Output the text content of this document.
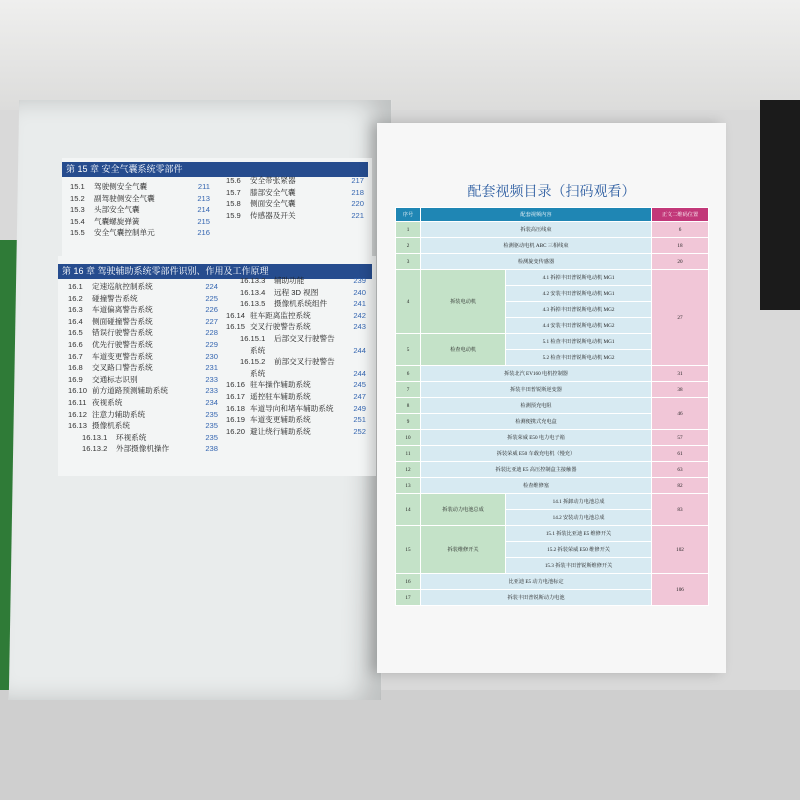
第 15 章 安全气囊系统零部件
15.1 驾驶侧安全气囊	211
15.2 副驾驶侧安全气囊	213
15.3 头部安全气囊	214
15.4 气囊螺旋弹簧	215
15.5 安全气囊控制单元	216
15.6 安全带张紧器	217
15.7 膝部安全气囊	218
15.8 侧面安全气囊	220
15.9 传感器及开关	221
第 16 章 驾驶辅助系统零部件识别、作用及工作原理
16.1 定速巡航控制系统	224
16.2 碰撞警告系统	225
16.3 车道偏离警告系统	226
16.4 侧面碰撞警告系统	227
16.5 错误行驶警告系统	228
16.6 优先行驶警告系统	229
16.7 车道变更警告系统	230
16.8 交叉路口警告系统	231
16.9 交通标志识别	233
16.10 前方道路预测辅助系统	233
16.11 夜视系统	234
16.12 注意力辅助系统	235
16.13 摄像机系统	235
16.13.1 环视系统	235
16.13.2 外部摄像机操作	238
16.13.3 辅助功能	239
16.13.4 远程 3D 视图	240
16.13.5 摄像机系统组件	241
16.14 驻车距离监控系统	242
16.15 交叉行驶警告系统	243
16.15.1 后部交叉行驶警告
系统	244
16.15.2 前部交叉行驶警告
系统	244
16.16 驻车操作辅助系统	245
16.17 遥控驻车辅助系统	247
16.18 车道导向和堵车辅助系统	249
16.19 车道变更辅助系统	251
16.20 避让绕行辅助系统	252
配套视频目录（扫码观看）
序号	配套视频内容		正文二维码位置
1	拆装高压线束		6
2	检测驱动电机 ABC 三相线束		18
3	检测旋变传感器		20
4	拆装电动机	4.1 拆掉丰田普锐斯电动机 MG1	27
		4.2 安装丰田普锐斯电动机 MG1	
		4.3 拆掉丰田普锐斯电动机 MG2	
		4.4 安装丰田普锐斯电动机 MG2	
5	检查电动机	5.1 检查丰田普锐斯电动机 MG1	
		5.2 检查丰田普锐斯电动机 MG2	
6	拆装北汽 EV160 电机控制器		31
7	拆装丰田普锐斯逆变器		38
8	检测预充电阻		46
9	检测便携式充电盒		
10	拆装荣威 E50 电力电子箱		57
11	拆装荣威 E50 车载充电机（慢充）		61
12	拆装比亚迪 E5 高压控制盒主接触器		63
13	检查维修塞		82
14	拆装动力电池总成	14.1 拆卸动力电池总成	83
		14.2 安装动力电池总成	
15	拆装维修开关	15.1 拆装比亚迪 E5 维修开关	102
		15.2 拆装荣威 E50 维修开关	
		15.3 拆装丰田普锐斯维修开关	
16	比亚迪 E5 动力电池标定		106
17	拆装丰田普锐斯动力电池		
